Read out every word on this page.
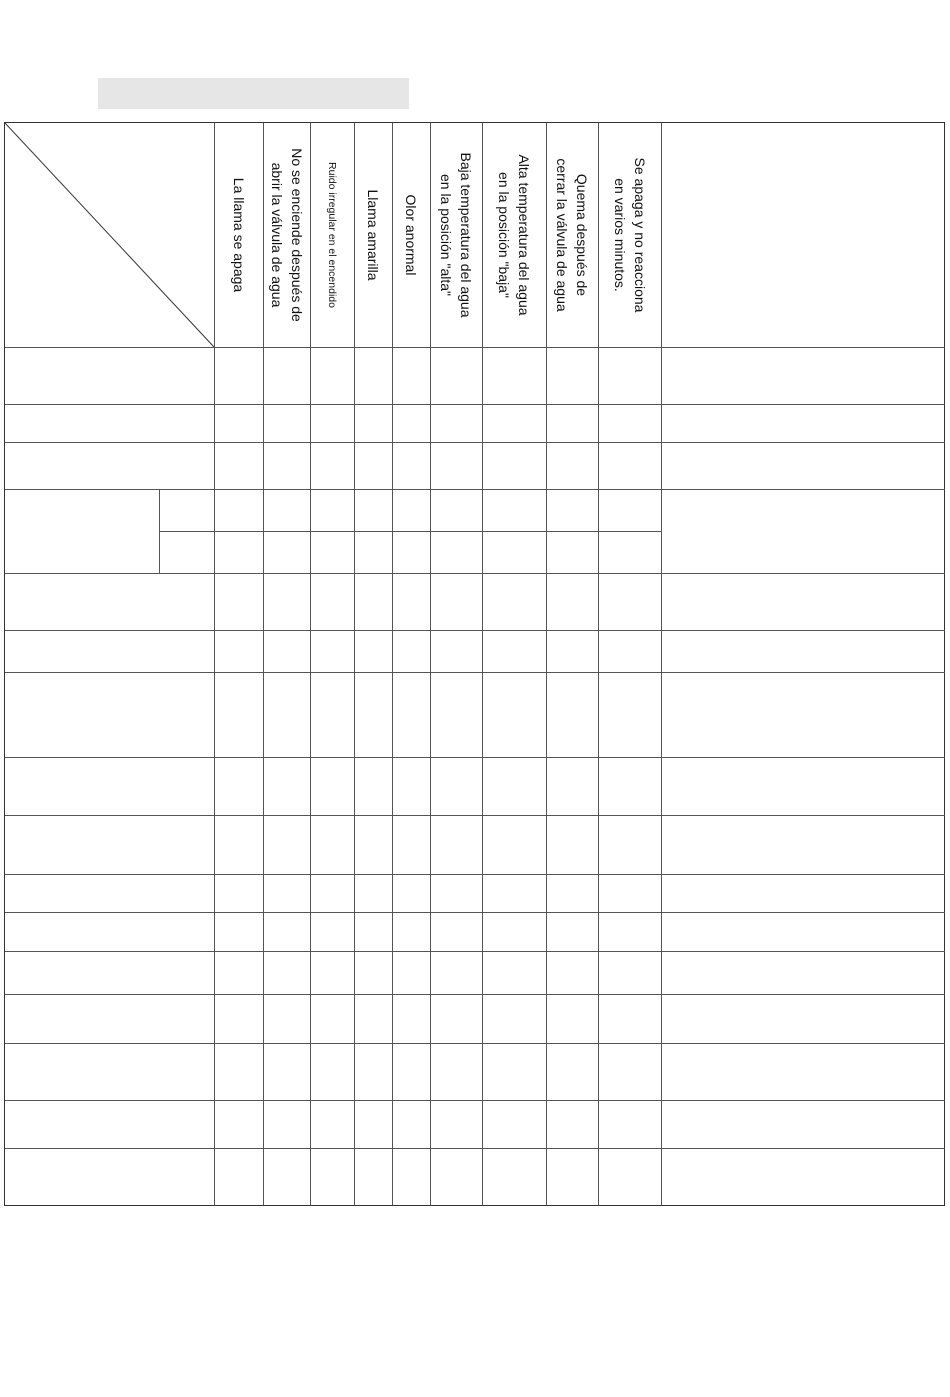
La llama se apaga
No se enciende después de
abrir la válvula de agua	Ruido irregular en el encendido Llama amarilla Olor anormal
Baja temperatura del agua
en la posición "alta"
Alta temperatura del agua
en la posición "baja"
Quema después de
cerrar la válvula de agua
Se apaga y no reacciona
en varios minutos.
